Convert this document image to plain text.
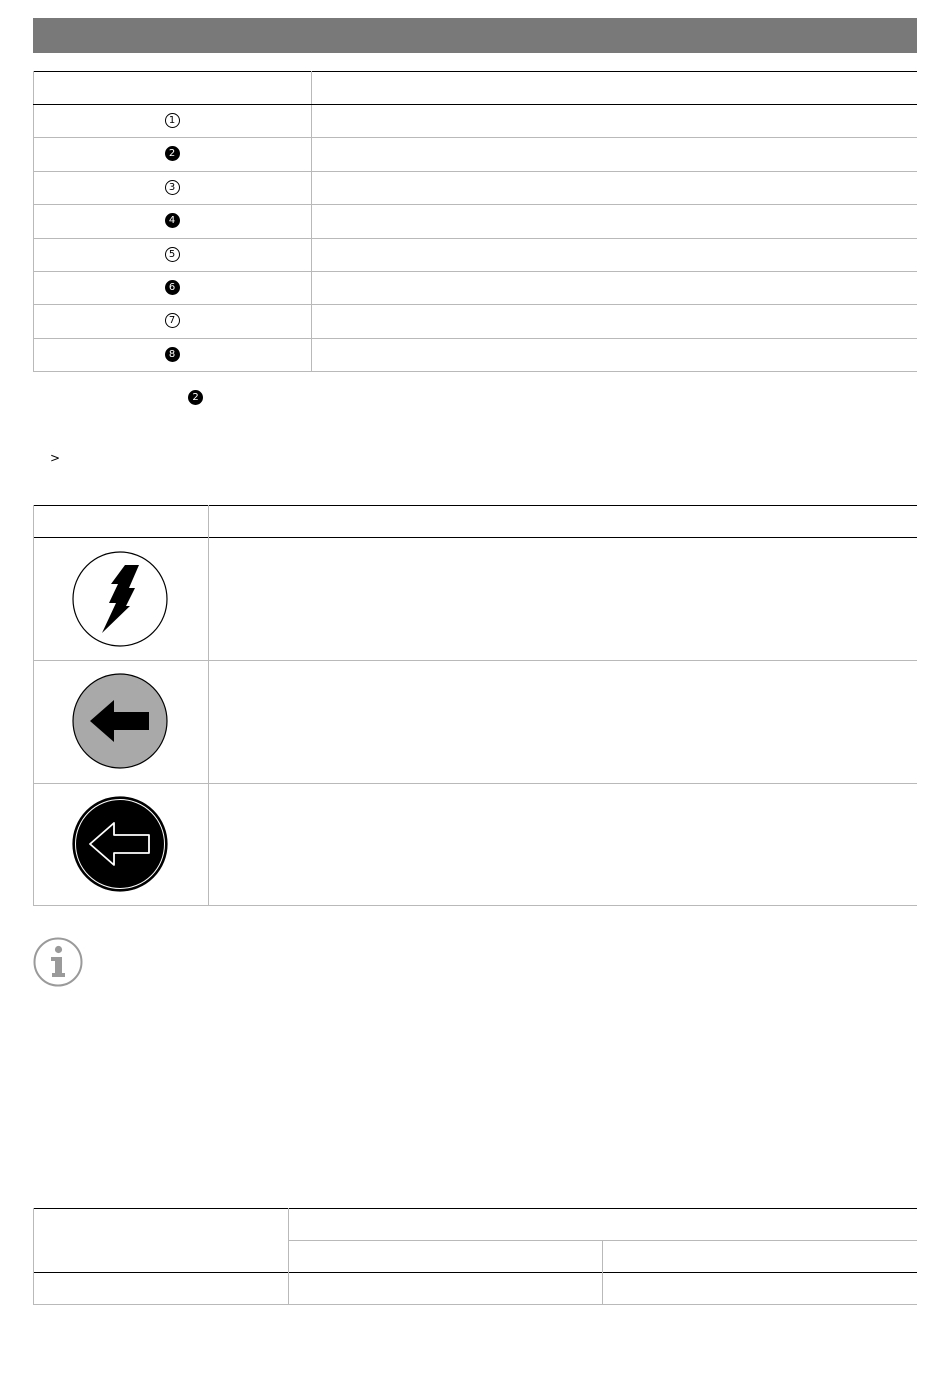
1
2
3
4
5
6
7
8
2
>
